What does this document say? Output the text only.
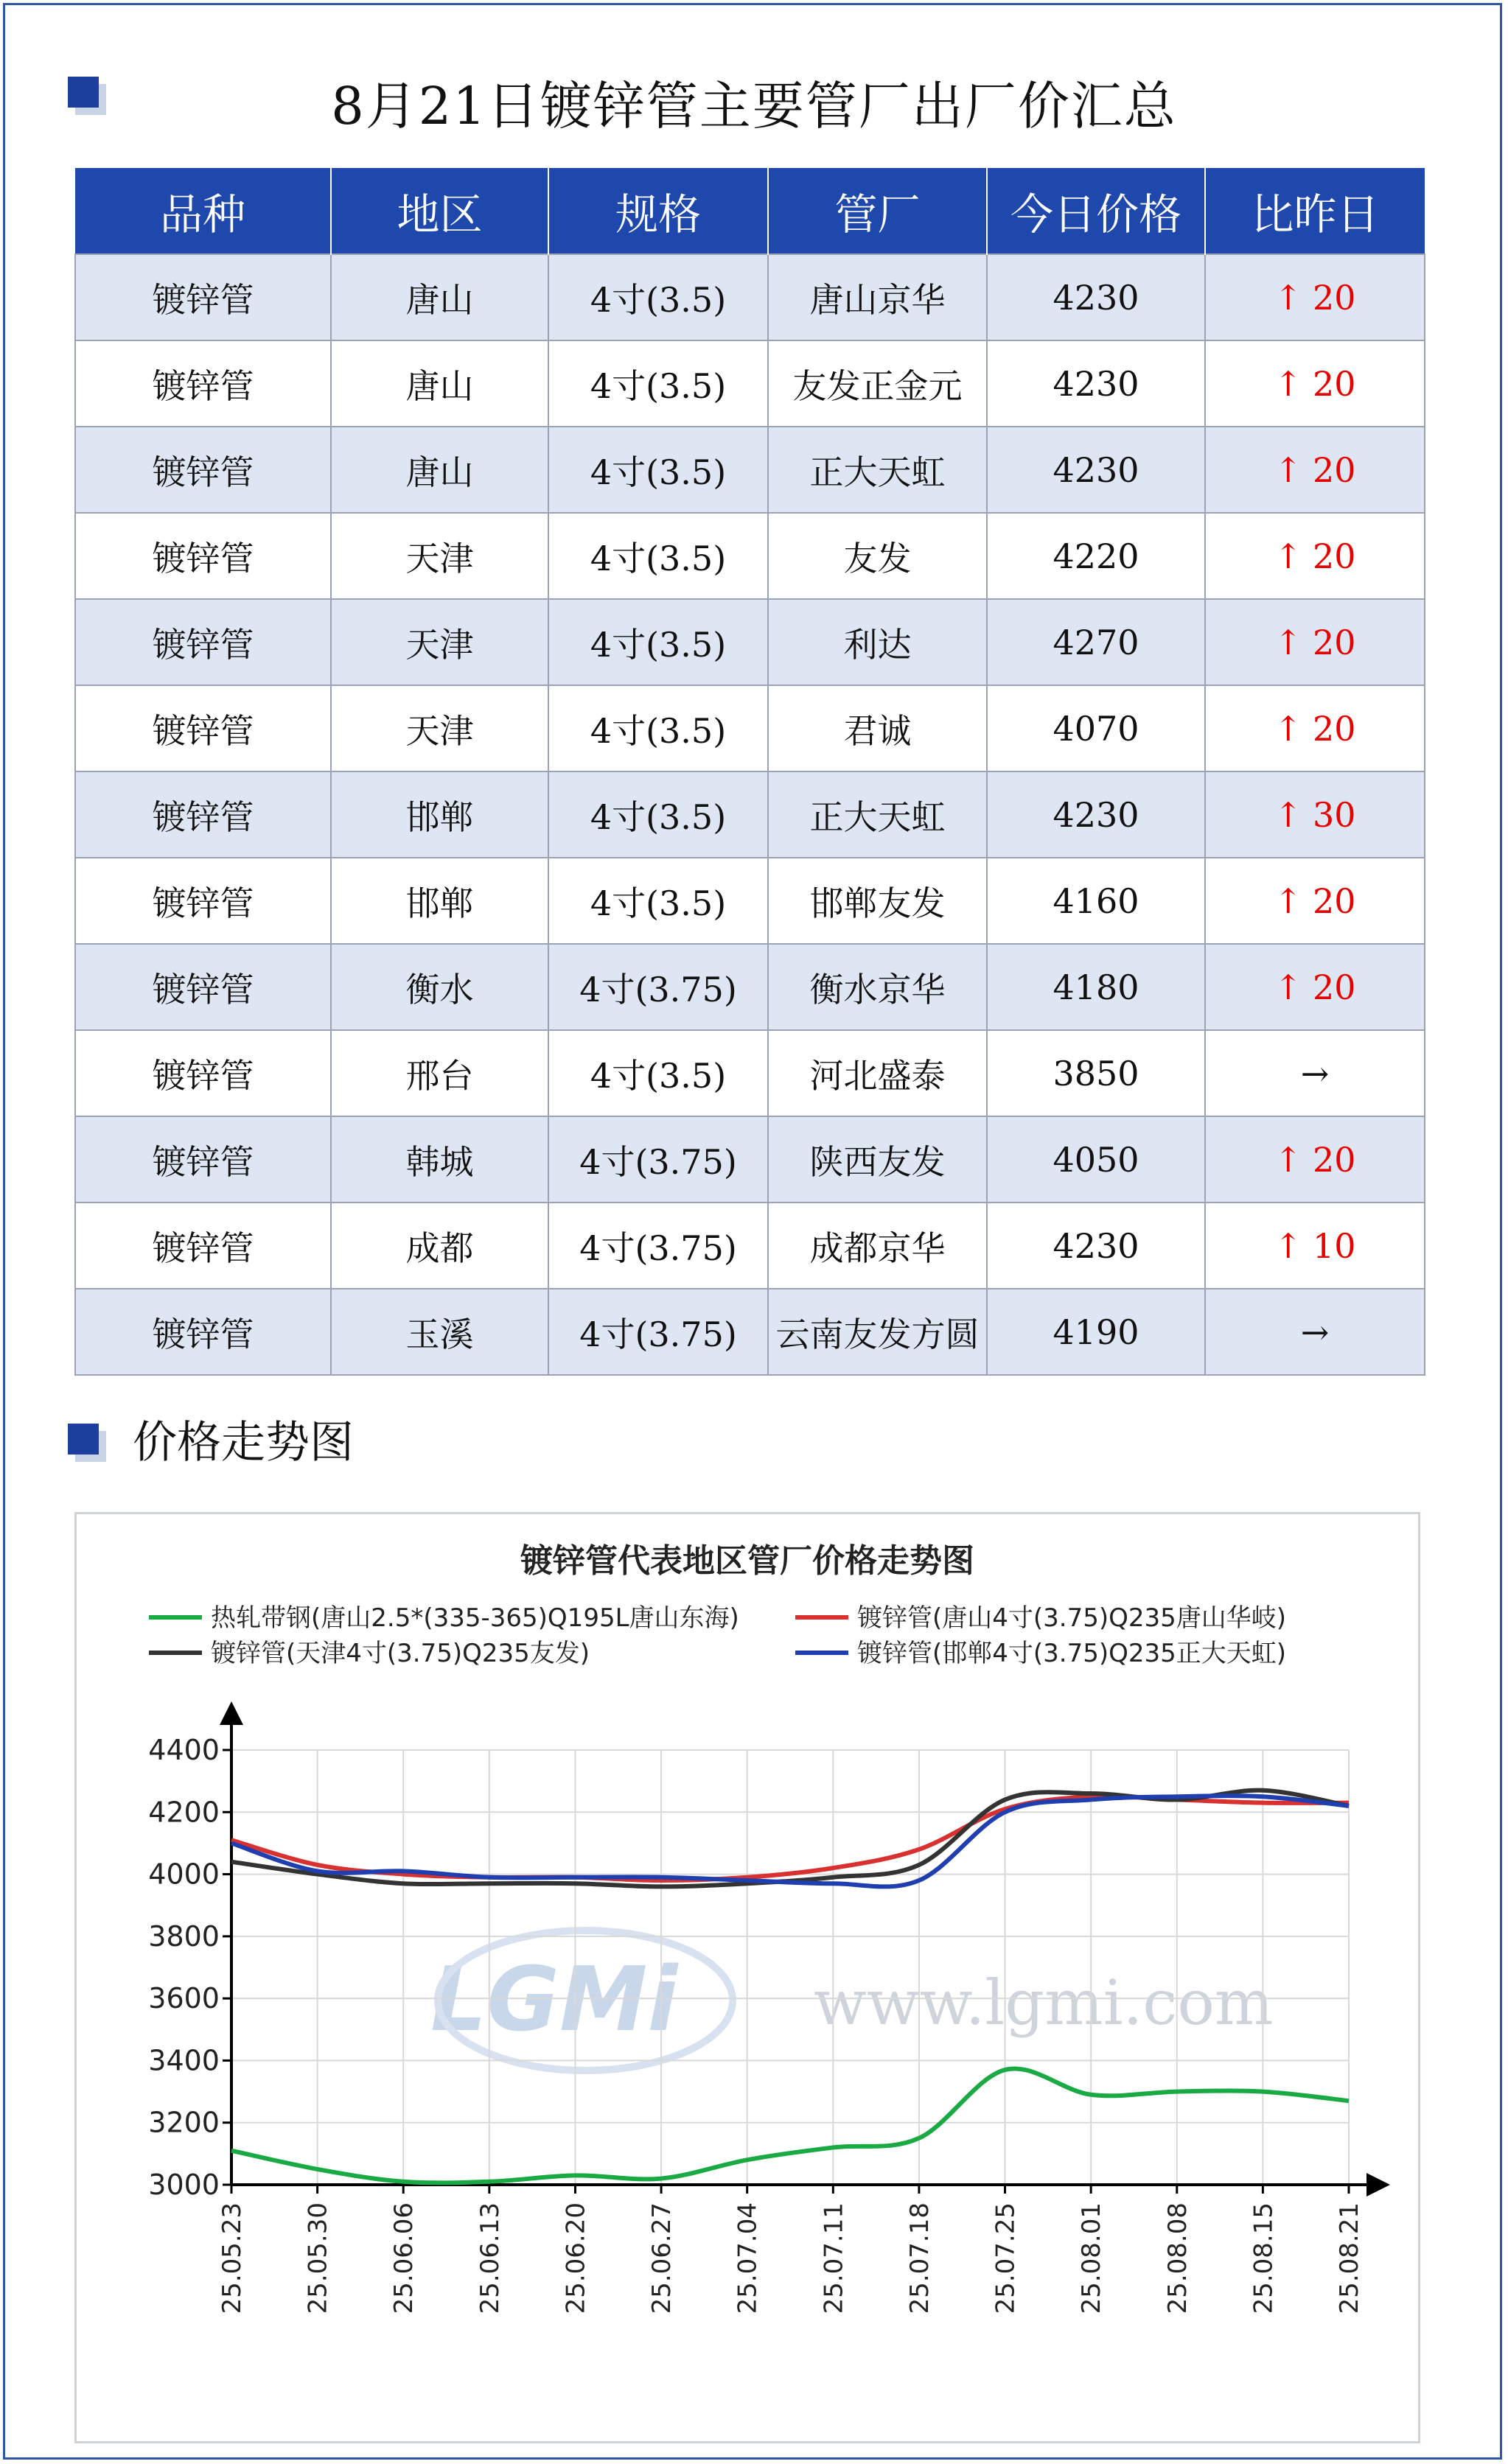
8月21日镀锌管主要管厂出厂价汇总
品种	地区	规格	管厂	今日价格	比昨日
镀锌管	唐山	4寸(3.5)	唐山京华	4230	↑ 20
镀锌管	唐山	4寸(3.5)	友发正金元	4230	↑ 20
镀锌管	唐山	4寸(3.5)	正大天虹	4230	↑ 20
镀锌管	天津	4寸(3.5)	友发	4220	↑ 20
镀锌管	天津	4寸(3.5)	利达	4270	↑ 20
镀锌管	天津	4寸(3.5)	君诚	4070	↑ 20
镀锌管	邯郸	4寸(3.5)	正大天虹	4230	↑ 30
镀锌管	邯郸	4寸(3.5)	邯郸友发	4160	↑ 20
镀锌管	衡水	4寸(3.75)	衡水京华	4180	↑ 20
镀锌管	邢台	4寸(3.5)	河北盛泰	3850	→
镀锌管	韩城	4寸(3.75)	陕西友发	4050	↑ 20
镀锌管	成都	4寸(3.75)	成都京华	4230	↑ 10
镀锌管	玉溪	4寸(3.75)	云南友发方圆	4190	→
价格走势图
镀锌管代表地区管厂价格走势图
热轧带钢(唐山2.5*(335-365)Q195L唐山东海)	镀锌管(唐山4寸(3.75)Q235唐山华岐)
镀锌管(天津4寸(3.75)Q235友发)	镀锌管(邯郸4寸(3.75)Q235正大天虹)
LGMi www.lgmi.com
3000
3200
3400
3600
3800
4000
4200
4400
25.05.23 25.05.30 25.06.06 25.06.13 25.06.20 25.06.27 25.07.04 25.07.11 25.07.18 25.07.25 25.08.01 25.08.08 25.08.15 25.08.21
